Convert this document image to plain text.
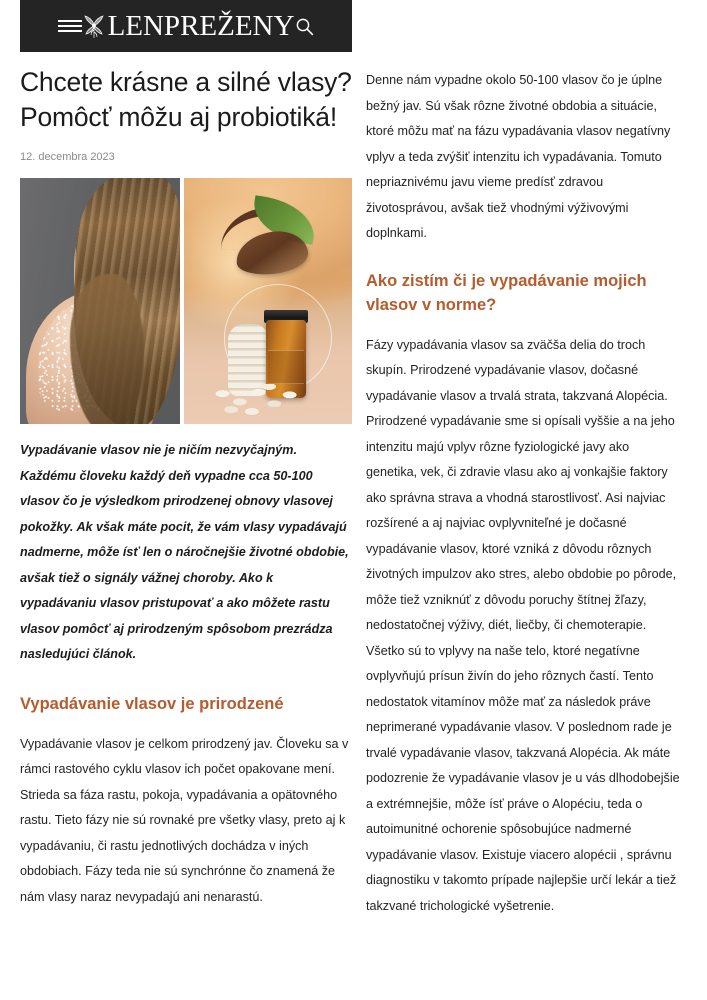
LENPREŽENY
Chcete krásne a silné vlasy? Pomôcť môžu aj probiotiká!
12. decembra 2023

Vypadávanie vlasov nie je ničím nezvyčajným. Každému človeku každý deň vypadne cca 50-100 vlasov čo je výsledkom prirodzenej obnovy vlasovej pokožky. Ak však máte pocit, že vám vlasy vypadávajú nadmerne, môže ísť len o náročnejšie životné obdobie, avšak tiež o signály vážnej choroby. Ako k vypadávaniu vlasov pristupovať a ako môžete rastu vlasov pomôcť aj prirodzeným spôsobom prezrádza nasledujúci článok.

Vypadávanie vlasov je prirodzené

Vypadávanie vlasov je celkom prirodzený jav. Človeku sa v rámci rastového cyklu vlasov ich počet opakovane mení. Strieda sa fáza rastu, pokoja, vypadávania a opätovného rastu. Tieto fázy nie sú rovnaké pre všetky vlasy, preto aj k vypadávaniu, či rastu jednotlivých dochádza v iných obdobiach. Fázy teda nie sú synchrónne čo znamená že nám vlasy naraz nevypadajú ani nenarastú.

Denne nám vypadne okolo 50-100 vlasov čo je úplne bežný jav. Sú však rôzne životné obdobia a situácie, ktoré môžu mať na fázu vypadávania vlasov negatívny vplyv a teda zvýšiť intenzitu ich vypadávania. Tomuto nepriaznivému javu vieme predísť zdravou životosprávou, avšak tiež vhodnými výživovými doplnkami.

Ako zistím či je vypadávanie mojich vlasov v norme?

Fázy vypadávania vlasov sa zväčša delia do troch skupín. Prirodzené vypadávanie vlasov, dočasné vypadávanie vlasov a trvalá strata, takzvaná Alopécia. Prirodzené vypadávanie sme si opísali vyššie a na jeho intenzitu majú vplyv rôzne fyziologické javy ako genetika, vek, či zdravie vlasu ako aj vonkajšie faktory ako správna strava a vhodná starostlivosť. Asi najviac rozšírené a aj najviac ovplyvniteľné je dočasné vypadávanie vlasov, ktoré vzniká z dôvodu rôznych životných impulzov ako stres, alebo obdobie po pôrode, môže tiež vzniknúť z dôvodu poruchy štítnej žľazy, nedostatočnej výživy, diét, liečby, či chemoterapie. Všetko sú to vplyvy na naše telo, ktoré negatívne ovplyvňujú prísun živín do jeho rôznych častí. Tento nedostatok vitamínov môže mať za následok práve neprimerané vypadávanie vlasov. V poslednom rade je trvalé vypadávanie vlasov, takzvaná Alopécia. Ak máte podozrenie že vypadávanie vlasov je u vás dlhodobejšie a extrémnejšie, môže ísť práve o Alopéciu, teda o autoimunitné ochorenie spôsobujúce nadmerné vypadávanie vlasov. Existuje viacero alopécii , správnu diagnostiku v takomto prípade najlepšie určí lekár a tiež takzvané trichologické vyšetrenie.
